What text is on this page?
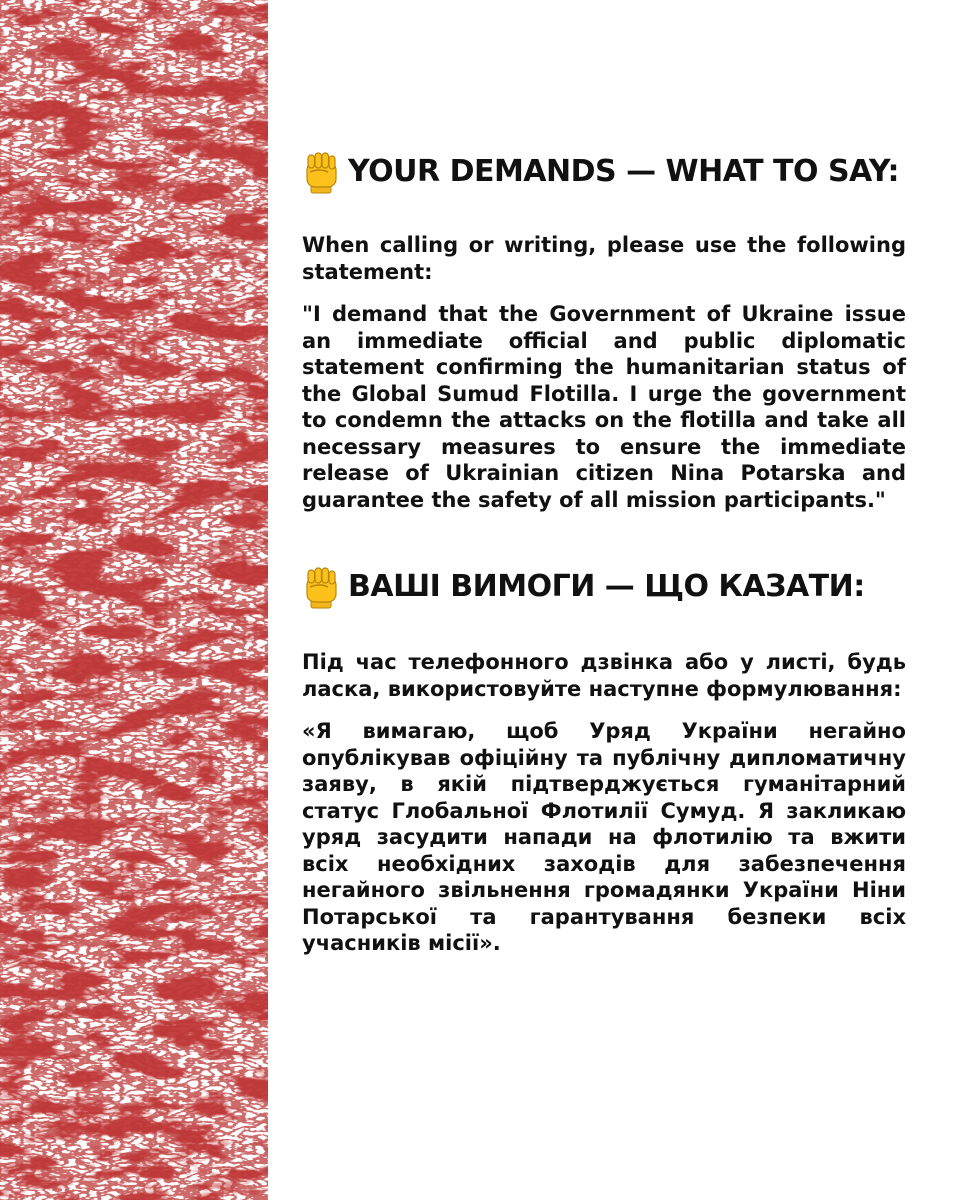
YOUR DEMANDS — WHAT TO SAY:

When calling or writing, please use the following statement:

"I demand that the Government of Ukraine issue an immediate official and public diplomatic statement confirming the humanitarian status of the Global Sumud Flotilla. I urge the government to condemn the attacks on the flotilla and take all necessary measures to ensure the immediate release of Ukrainian citizen Nina Potarska and guarantee the safety of all mission participants."

ВАШІ ВИМОГИ — ЩО КАЗАТИ:

Під час телефонного дзвінка або у листі, будь ласка, використовуйте наступне формулювання:

«Я вимагаю, щоб Уряд України негайно опублікував офіційну та публічну дипломатичну заяву, в якій підтверджується гуманітарний статус Глобальної Флотилії Сумуд. Я закликаю уряд засудити напади на флотилію та вжити всіх необхідних заходів для забезпечення негайного звільнення громадянки України Ніни Потарської та гарантування безпеки всіх учасників місії».
